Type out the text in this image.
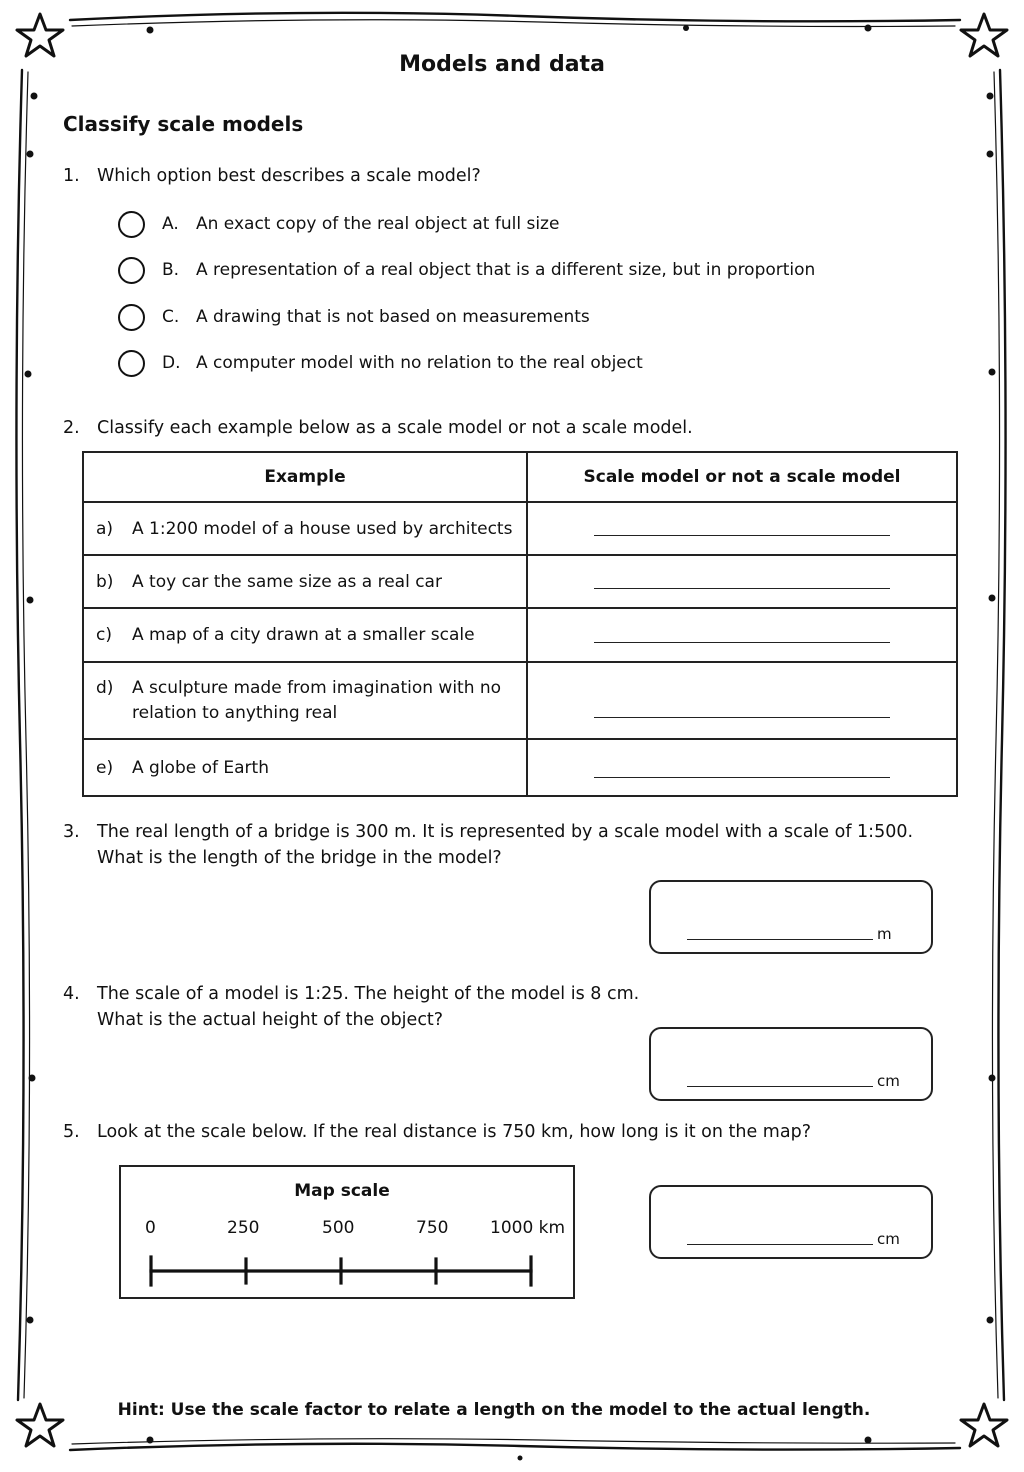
Models and data
Classify scale models
1. Which option best describes a scale model?
A.	An exact copy of the real object at full size
B. A representation of a real object that is a different size, but in proportion
C. A drawing that is not based on measurements
D. A computer model with no relation to the real object
2. Classify each example below as a scale model or not a scale model.
Example	Scale model or not a scale model

a) A 1:200 model of a house used by architects	

b) A toy car the same size as a real car	

c) A map of a city drawn at a smaller scale	

d) A sculpture made from imagination with no relation to anything real	

e) A globe of Earth	

3. The real length of a bridge is 300 m. It is represented by a scale model with a scale of 1:500.
What is the length of the bridge in the model?
m
4. The scale of a model is 1:25. The height of the model is 8 cm.
What is the actual height of the object?
cm
5. Look at the scale below. If the real distance is 750 km, how long is it on the map?
Map scale
0	250	500	750 1000 km
cm
Hint: Use the scale factor to relate a length on the model to the actual length.
